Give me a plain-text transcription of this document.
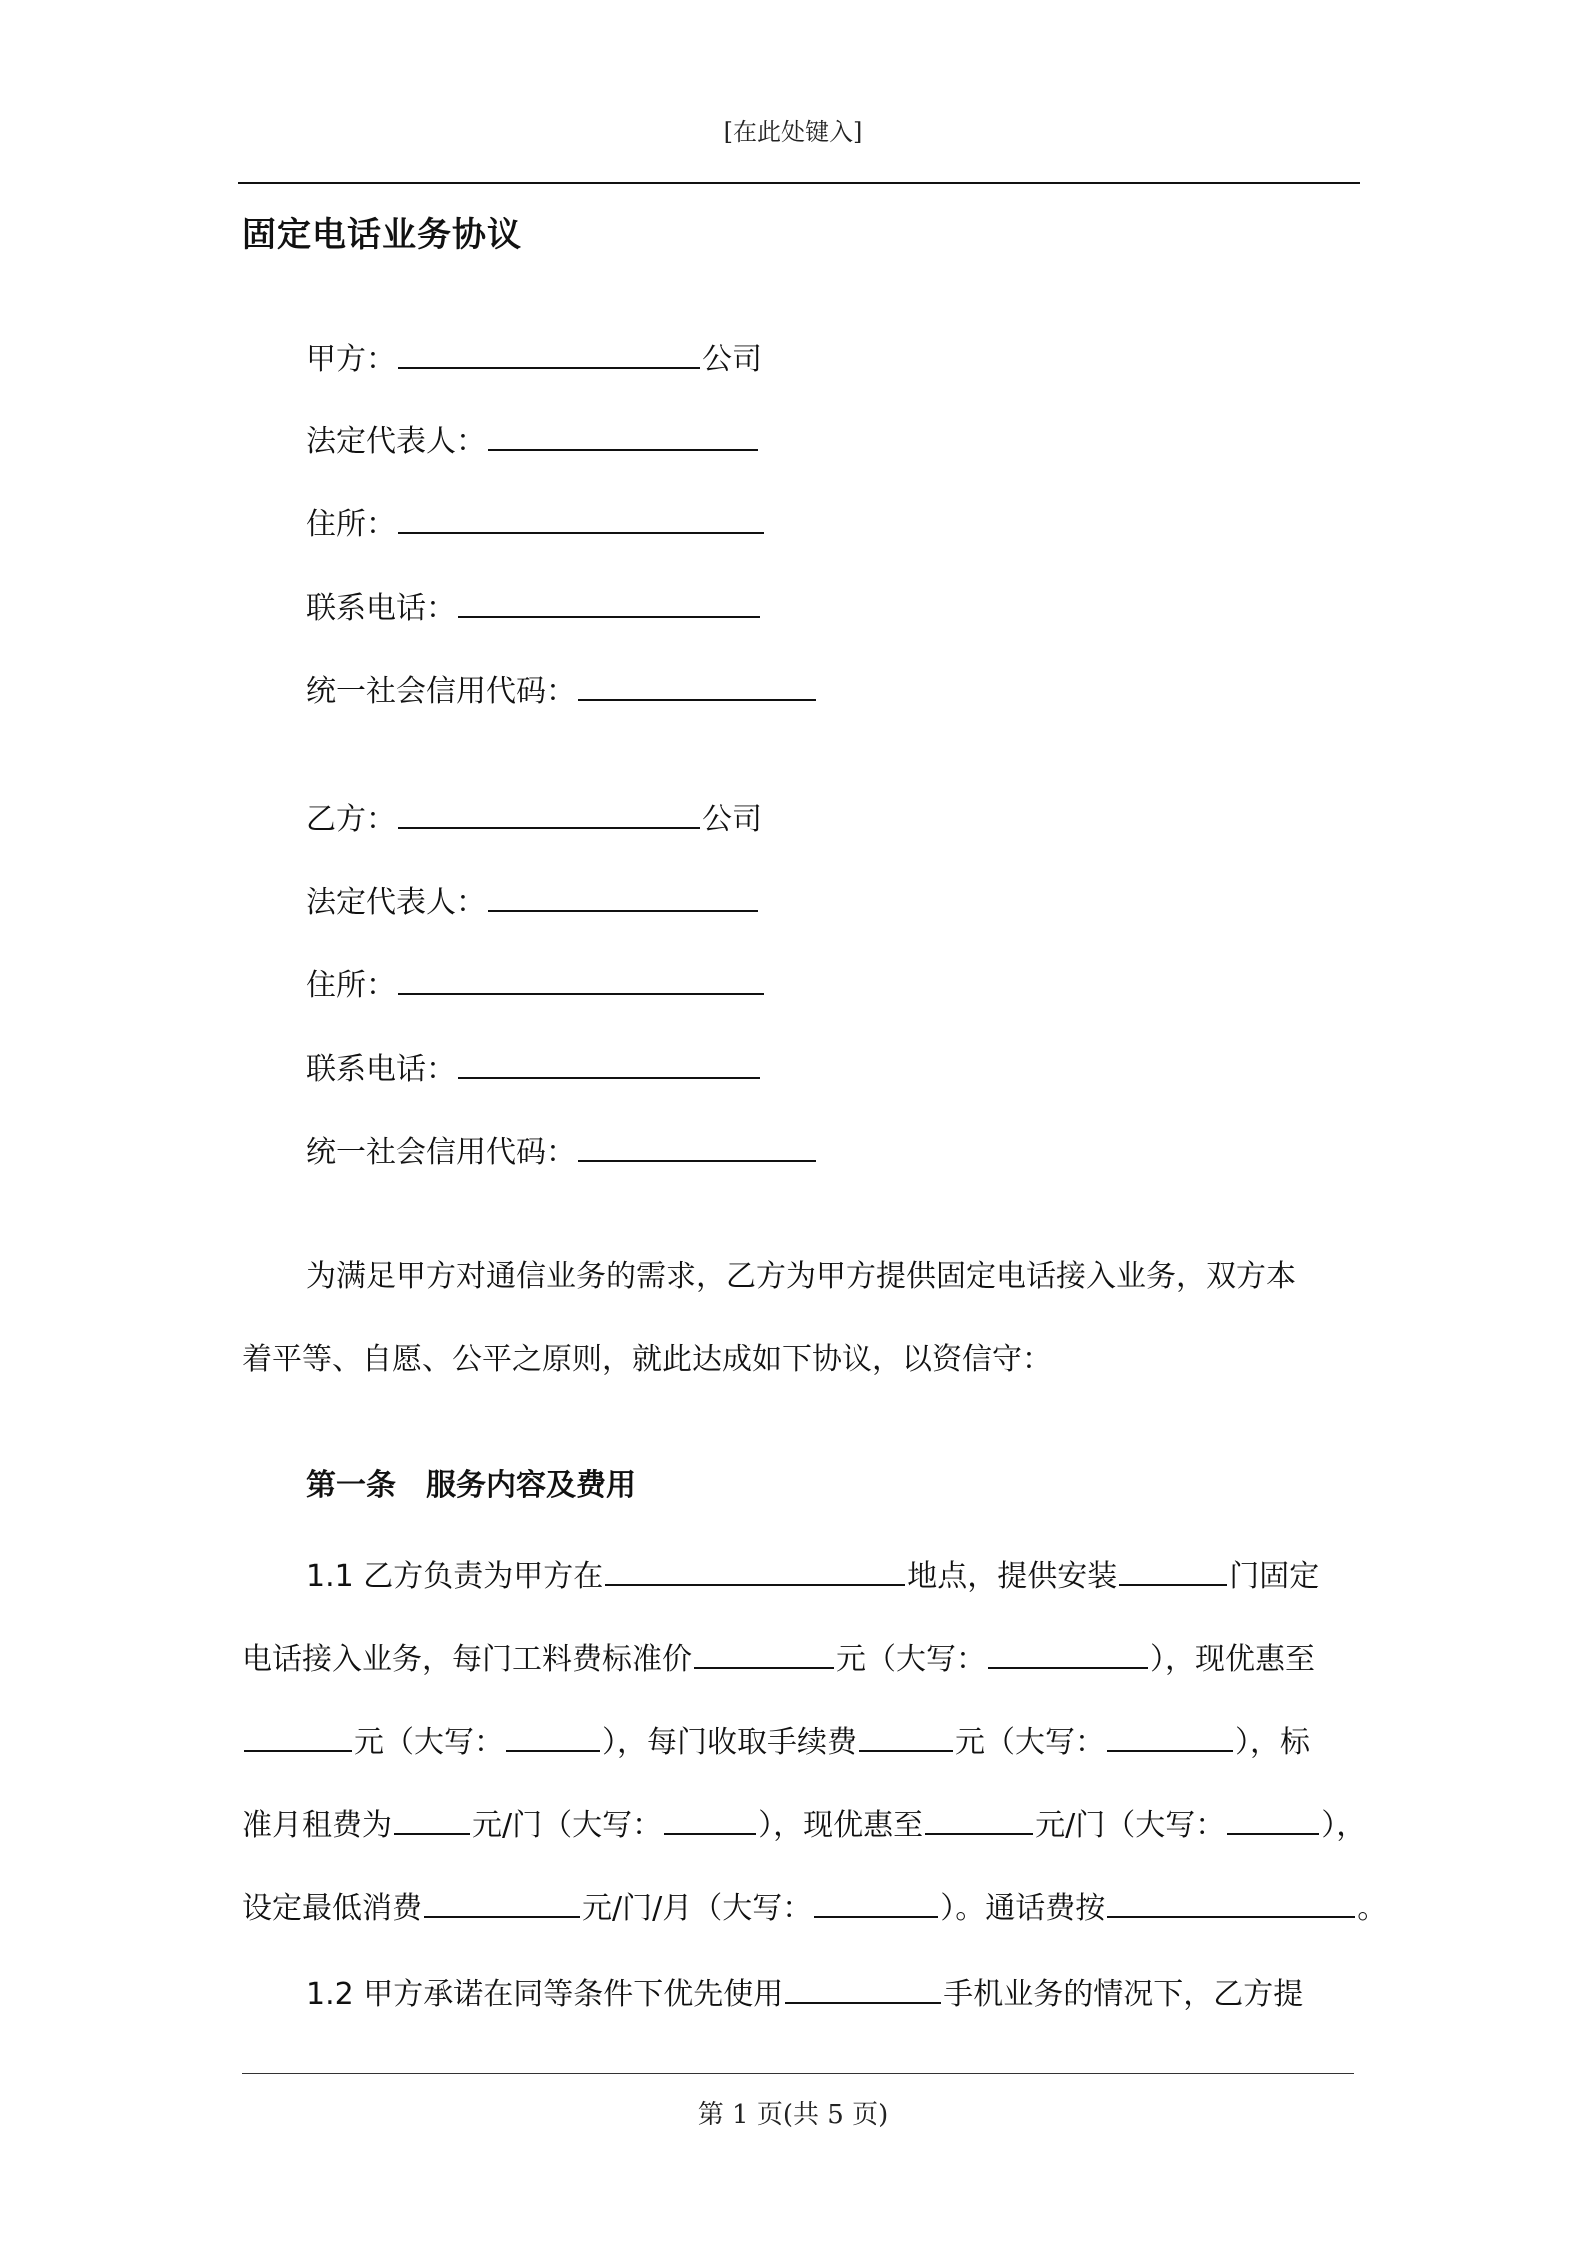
[在此处键入]
固定电话业务协议
甲方：	公司
法定代表人：
住所：
联系电话：
统一社会信用代码：
乙方：	公司
法定代表人：
住所：
联系电话：
统一社会信用代码：
为满足甲方对通信业务的需求，乙方为甲方提供固定电话接入业务，双方本
着平等、自愿、公平之原则，就此达成如下协议，以资信守：
第一条　服务内容及费用
1.1 乙方负责为甲方在	地点，提供安装	门固定
电话接入业务，每门工料费标准价	元（大写：	），现优惠至
元（大写：	），每门收取手续费	元（大写：	），标
准月租费为	元/门（大写：	），现优惠至	元/门（大写：	），
设定最低消费	元/门/月（大写：	）。通话费按	。
1.2 甲方承诺在同等条件下优先使用	手机业务的情况下，乙方提
第 1 页(共 5 页)
